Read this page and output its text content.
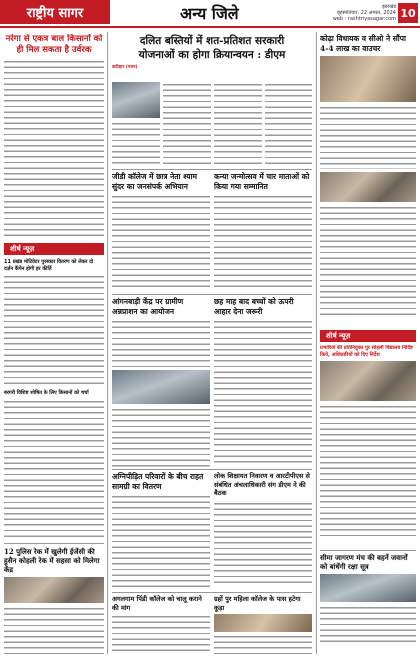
राष्ट्रीय सागर	अन्य जिले	झारखंड
बृहस्पतिवार, 22 अगस्त, 2024
web : rashtriyasagar.com 10
नरेगा से एकत्र बाल किसानों को ही मिल सकता है उर्वरक
शीर्ष न्यूज़
11 प्रखंड मोटिवेटर पुरस्कार वितरण को लेकर दो दर्ज़न कैंपेन होगी हर कीर्ति
बरगरी विशिष्ट शोषित के लिए किसानों को चर्चा
12 पुलिस रेक में खुलेगी ईजेंसी की हुसैन कोहली रेक में सहसा को मिलेगा केंद्र
दलित बस्तियों में शत-प्रतिशत सरकारी
योजनाओं का होगा क्रियान्वयन : डीएम
कटिहार (पवन)
कोढ़ा विधायक व सीओ ने सौंपा 4-4 लाख का वाउचर
जीडी कॉलेज में छात्र नेता श्याम सुंदर का जनसंपर्क अभियान
कन्या जन्मोत्सव में चार माताओं को किया गया सम्मानित
आंगनबाड़ी केंद्र पर ग्रामीण अन्नप्राशन का आयोजन
छह माह बाद बच्चों को ऊपरी आहार देना जरूरी
अग्निपीड़ित परिवारों के बीच राहत सामग्री का वितरण
लोक शिक्षायत निवारण व आरटीपीएस से संबंधित अंचलाधिकारी संग डीएम ने की बैठक
अगलगाम पिंडी कॉलेज को चालू कराने की मांग
ग्रहों पुर महिला कॉलेज के पास हटेगा कूड़ा
शीर्ष न्यूज़
प्रभारियों की प्रतिनियुक्त पुर सोहली विद्यालय निर्दिष्ट किये, अधिकारियों को दिए निर्देश
सीमा जागरण मंच की बहनें जवानों को बांधेंगी रक्षा सूत्र
